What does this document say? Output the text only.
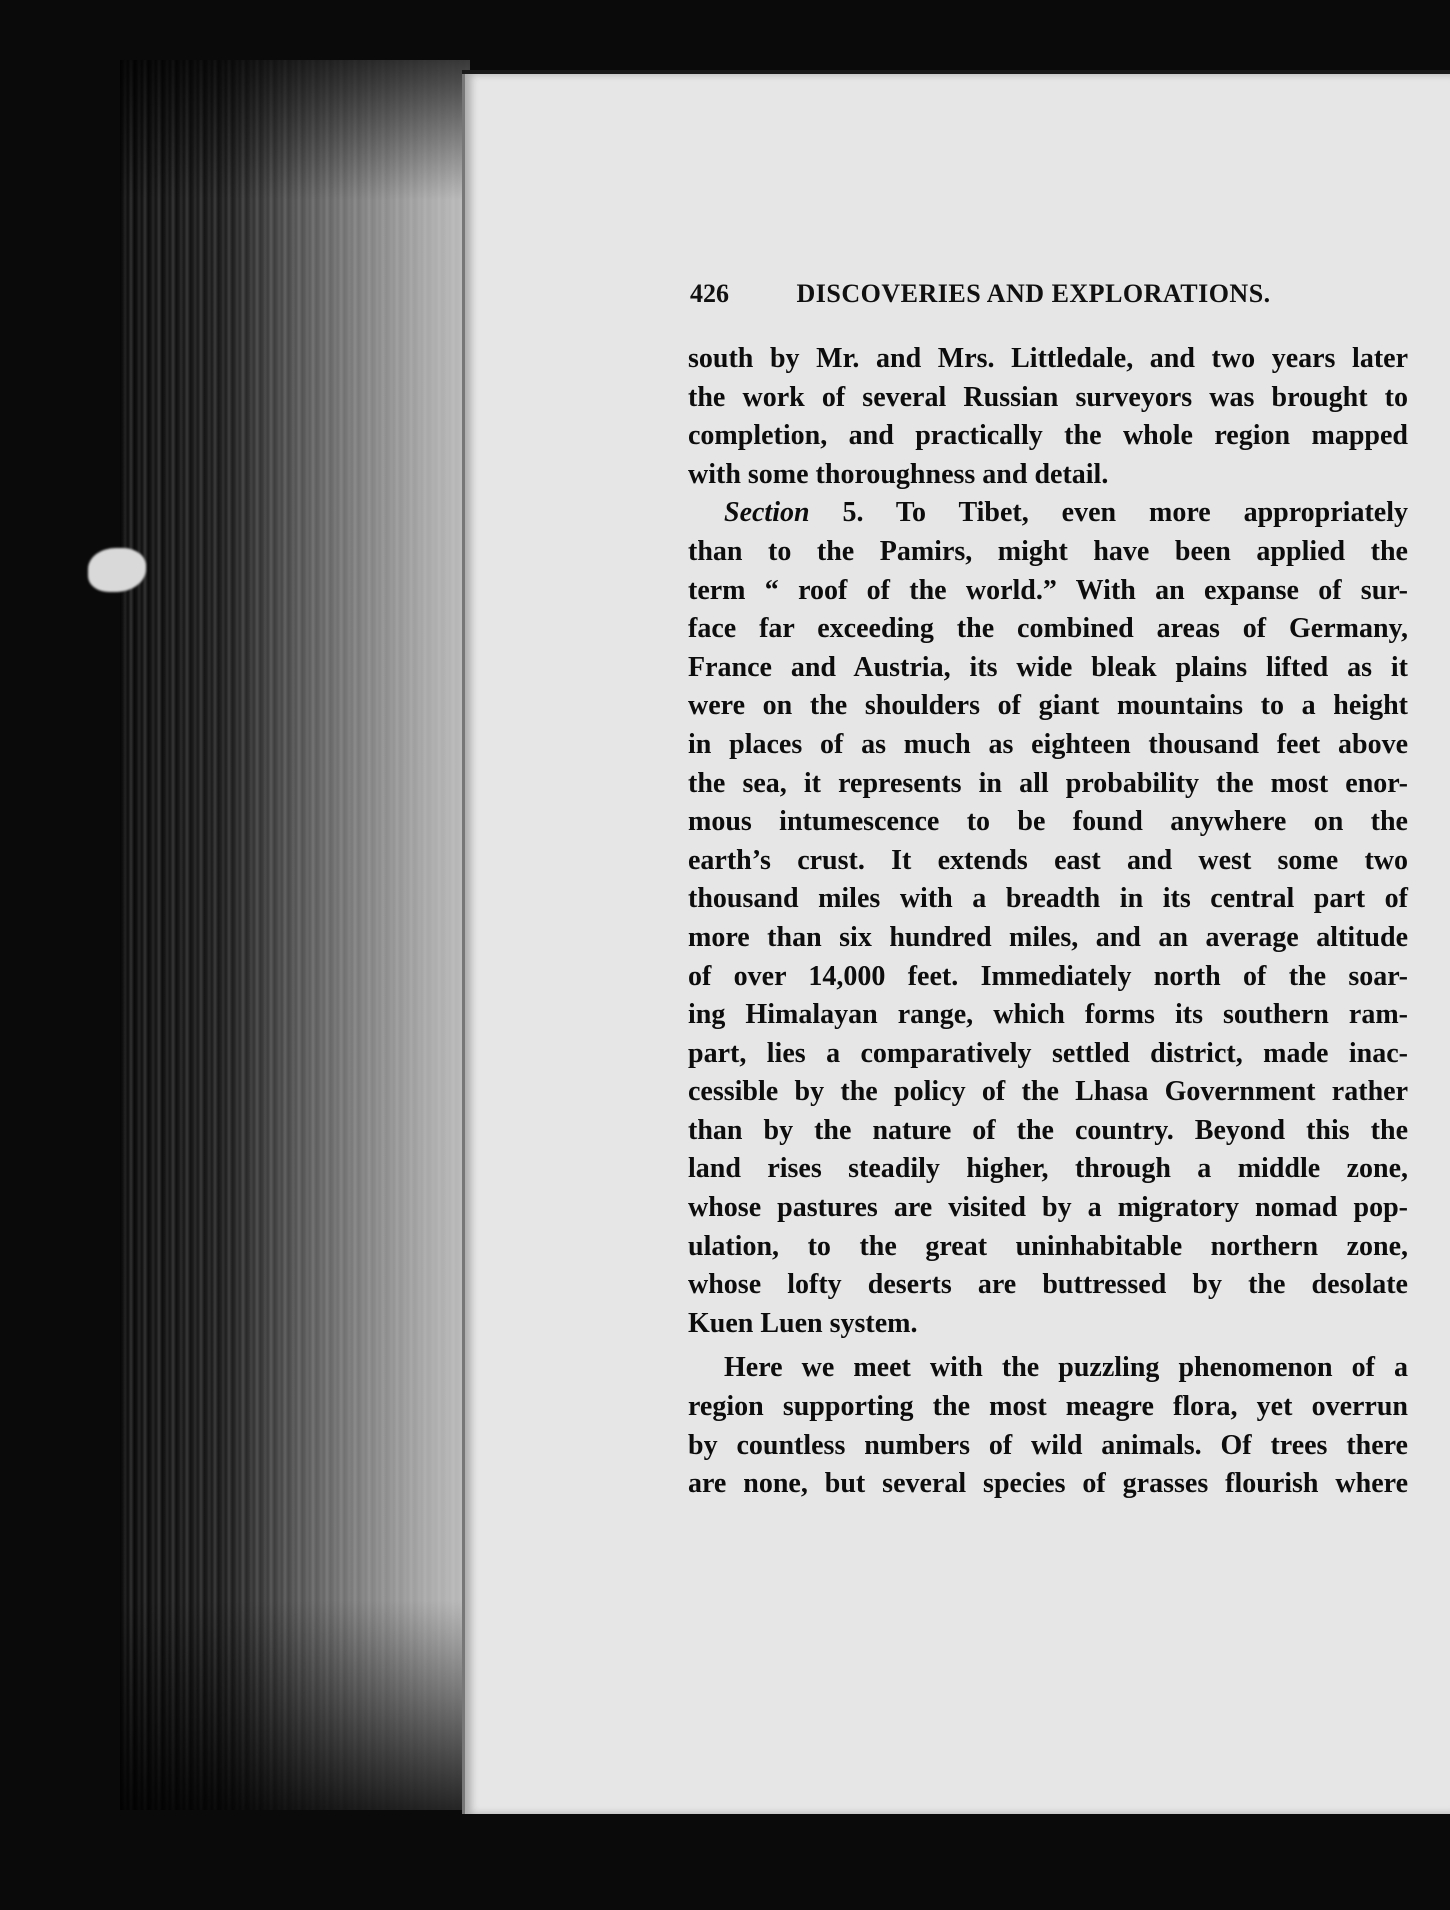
426	DISCOVERIES AND EXPLORATIONS.
south by Mr. and Mrs. Littledale, and two years later
the work of several Russian surveyors was brought to
completion, and practically the whole region mapped
with some thoroughness and detail.
Section 5. To Tibet, even more appropriately
than to the Pamirs, might have been applied the
term “ roof of the world.” With an expanse of sur-
face far exceeding the combined areas of Germany,
France and Austria, its wide bleak plains lifted as it
were on the shoulders of giant mountains to a height
in places of as much as eighteen thousand feet above
the sea, it represents in all probability the most enor-
mous intumescence to be found anywhere on the
earth’s crust. It extends east and west some two
thousand miles with a breadth in its central part of
more than six hundred miles, and an average altitude
of over 14,000 feet. Immediately north of the soar-
ing Himalayan range, which forms its southern ram-
part, lies a comparatively settled district, made inac-
cessible by the policy of the Lhasa Government rather
than by the nature of the country. Beyond this the
land rises steadily higher, through a middle zone,
whose pastures are visited by a migratory nomad pop-
ulation, to the great uninhabitable northern zone,
whose lofty deserts are buttressed by the desolate
Kuen Luen system.
Here we meet with the puzzling phenomenon of a
region supporting the most meagre flora, yet overrun
by countless numbers of wild animals. Of trees there
are none, but several species of grasses flourish where
